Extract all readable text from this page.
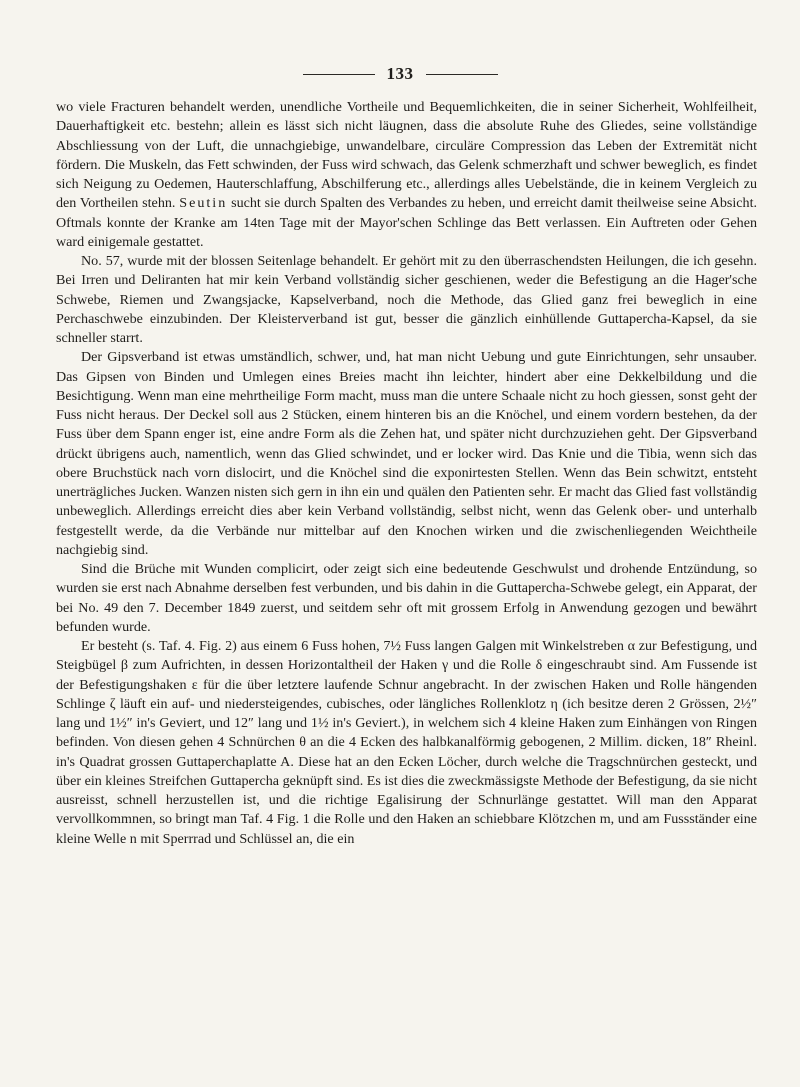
133

wo viele Fracturen behandelt werden, unendliche Vortheile und Bequemlichkeiten, die in seiner Sicherheit, Wohlfeilheit, Dauerhaftigkeit etc. bestehn; allein es lässt sich nicht läugnen, dass die absolute Ruhe des Gliedes, seine vollständige Abschliessung von der Luft, die unnachgiebige, unwandelbare, circuläre Compression das Leben der Extremität nicht fördern. Die Muskeln, das Fett schwinden, der Fuss wird schwach, das Gelenk schmerzhaft und schwer beweglich, es findet sich Neigung zu Oedemen, Hauterschlaffung, Abschilferung etc., allerdings alles Uebelstände, die in keinem Vergleich zu den Vortheilen stehn. Seutin sucht sie durch Spalten des Verbandes zu heben, und erreicht damit theilweise seine Absicht. Oftmals konnte der Kranke am 14ten Tage mit der Mayor'schen Schlinge das Bett verlassen. Ein Auftreten oder Gehen ward einigemale gestattet.

No. 57, wurde mit der blossen Seitenlage behandelt. Er gehört mit zu den überraschendsten Heilungen, die ich gesehn. Bei Irren und Deliranten hat mir kein Verband vollständig sicher geschienen, weder die Befestigung an die Hager'sche Schwebe, Riemen und Zwangsjacke, Kapselverband, noch die Methode, das Glied ganz frei beweglich in eine Perchaschwebe einzubinden. Der Kleisterverband ist gut, besser die gänzlich einhüllende Guttapercha-Kapsel, da sie schneller starrt.

Der Gipsverband ist etwas umständlich, schwer, und, hat man nicht Uebung und gute Einrichtungen, sehr unsauber. Das Gipsen von Binden und Umlegen eines Breies macht ihn leichter, hindert aber eine Dekkelbildung und die Besichtigung. Wenn man eine mehrtheilige Form macht, muss man die untere Schaale nicht zu hoch giessen, sonst geht der Fuss nicht heraus. Der Deckel soll aus 2 Stücken, einem hinteren bis an die Knöchel, und einem vordern bestehen, da der Fuss über dem Spann enger ist, eine andre Form als die Zehen hat, und später nicht durchzuziehen geht. Der Gipsverband drückt übrigens auch, namentlich, wenn das Glied schwindet, und er locker wird. Das Knie und die Tibia, wenn sich das obere Bruchstück nach vorn dislocirt, und die Knöchel sind die exponirtesten Stellen. Wenn das Bein schwitzt, entsteht unerträgliches Jucken. Wanzen nisten sich gern in ihn ein und quälen den Patienten sehr. Er macht das Glied fast vollständig unbeweglich. Allerdings erreicht dies aber kein Verband vollständig, selbst nicht, wenn das Gelenk ober- und unterhalb festgestellt werde, da die Verbände nur mittelbar auf den Knochen wirken und die zwischenliegenden Weichtheile nachgiebig sind.

Sind die Brüche mit Wunden complicirt, oder zeigt sich eine bedeutende Geschwulst und drohende Entzündung, so wurden sie erst nach Abnahme derselben fest verbunden, und bis dahin in die Guttapercha-Schwebe gelegt, ein Apparat, der bei No. 49 den 7. December 1849 zuerst, und seitdem sehr oft mit grossem Erfolg in Anwendung gezogen und bewährt befunden wurde.

Er besteht (s. Taf. 4. Fig. 2) aus einem 6 Fuss hohen, 7½ Fuss langen Galgen mit Winkelstreben α zur Befestigung, und Steigbügel β zum Aufrichten, in dessen Horizontaltheil der Haken γ und die Rolle δ eingeschraubt sind. Am Fussende ist der Befestigungshaken ε für die über letztere laufende Schnur angebracht. In der zwischen Haken und Rolle hängenden Schlinge ζ läuft ein auf- und niedersteigendes, cubisches, oder längliches Rollenklotz η (ich besitze deren 2 Grössen, 2½″ lang und 1½″ in's Geviert, und 12″ lang und 1½ in's Geviert.), in welchem sich 4 kleine Haken zum Einhängen von Ringen befinden. Von diesen gehen 4 Schnürchen θ an die 4 Ecken des halbkanalförmig gebogenen, 2 Millim. dicken, 18″ Rheinl. in's Quadrat grossen Guttaperchaplatte A. Diese hat an den Ecken Löcher, durch welche die Tragschnürchen gesteckt, und über ein kleines Streifchen Guttapercha geknüpft sind. Es ist dies die zweckmässigste Methode der Befestigung, da sie nicht ausreisst, schnell herzustellen ist, und die richtige Egalisirung der Schnurlänge gestattet. Will man den Apparat vervollkommnen, so bringt man Taf. 4 Fig. 1 die Rolle und den Haken an schiebbare Klötzchen m, und am Fussständer eine kleine Welle n mit Sperrrad und Schlüssel an, die ein
